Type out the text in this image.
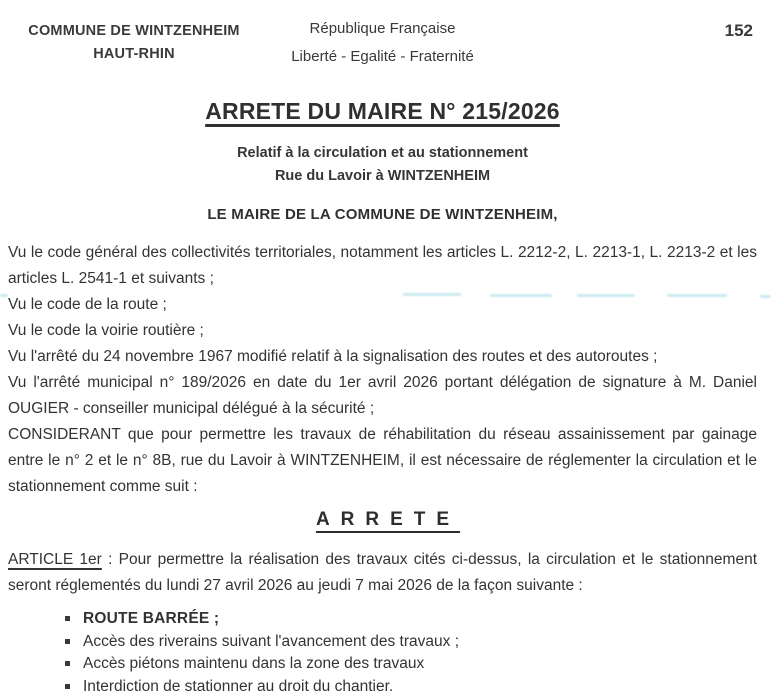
COMMUNE DE WINTZENHEIM
HAUT-RHIN
République Française
Liberté - Egalité - Fraternité
152
ARRETE DU MAIRE N° 215/2026
Relatif à la circulation et au stationnement
Rue du Lavoir à WINTZENHEIM
LE MAIRE DE LA COMMUNE DE WINTZENHEIM,

Vu le code général des collectivités territoriales, notamment les articles L. 2212-2, L. 2213-1, L. 2213-2 et les articles L. 2541-1 et suivants ;

Vu le code de la route ;

Vu le code la voirie routière ;

Vu l'arrêté du 24 novembre 1967 modifié relatif à la signalisation des routes et des autoroutes ;

Vu l'arrêté municipal n° 189/2026 en date du 1er avril 2026 portant délégation de signature à M. Daniel OUGIER - conseiller municipal délégué à la sécurité ;

CONSIDERANT que pour permettre les travaux de réhabilitation du réseau assainissement par gainage entre le n° 2 et le n° 8B, rue du Lavoir à WINTZENHEIM, il est nécessaire de réglementer la circulation et le stationnement comme suit :

ARRETE

ARTICLE 1er : Pour permettre la réalisation des travaux cités ci-dessus, la circulation et le stationnement seront réglementés du lundi 27 avril 2026 au jeudi 7 mai 2026 de la façon suivante :

ROUTE BARRÉE ;
Accès des riverains suivant l'avancement des travaux ;
Accès piétons maintenu dans la zone des travaux
Interdiction de stationner au droit du chantier.
